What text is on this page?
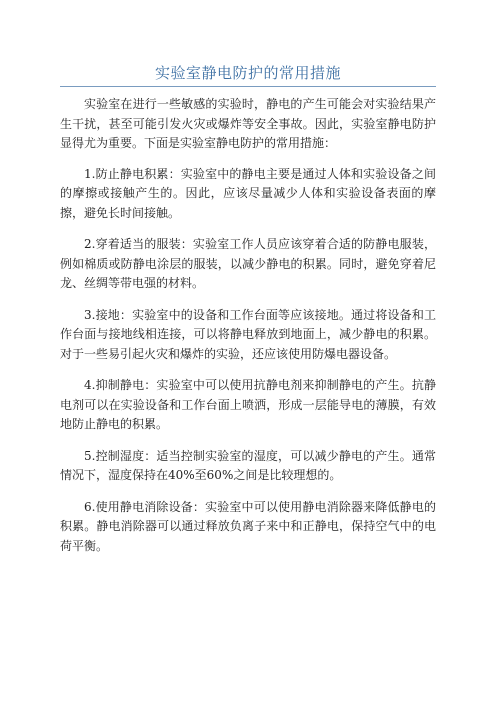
实验室静电防护的常用措施

实验室在进行一些敏感的实验时，静电的产生可能会对实验结果产生干扰，甚至可能引发火灾或爆炸等安全事故。因此，实验室静电防护显得尤为重要。下面是实验室静电防护的常用措施：

1.防止静电积累：实验室中的静电主要是通过人体和实验设备之间的摩擦或接触产生的。因此，应该尽量减少人体和实验设备表面的摩擦，避免长时间接触。

2.穿着适当的服装：实验室工作人员应该穿着合适的防静电服装，例如棉质或防静电涂层的服装，以减少静电的积累。同时，避免穿着尼龙、丝绸等带电强的材料。

3.接地：实验室中的设备和工作台面等应该接地。通过将设备和工作台面与接地线相连接，可以将静电释放到地面上，减少静电的积累。对于一些易引起火灾和爆炸的实验，还应该使用防爆电器设备。

4.抑制静电：实验室中可以使用抗静电剂来抑制静电的产生。抗静电剂可以在实验设备和工作台面上喷洒，形成一层能导电的薄膜，有效地防止静电的积累。

5.控制湿度：适当控制实验室的湿度，可以减少静电的产生。通常情况下，湿度保持在40%至60%之间是比较理想的。

6.使用静电消除设备：实验室中可以使用静电消除器来降低静电的积累。静电消除器可以通过释放负离子来中和正静电，保持空气中的电荷平衡。
